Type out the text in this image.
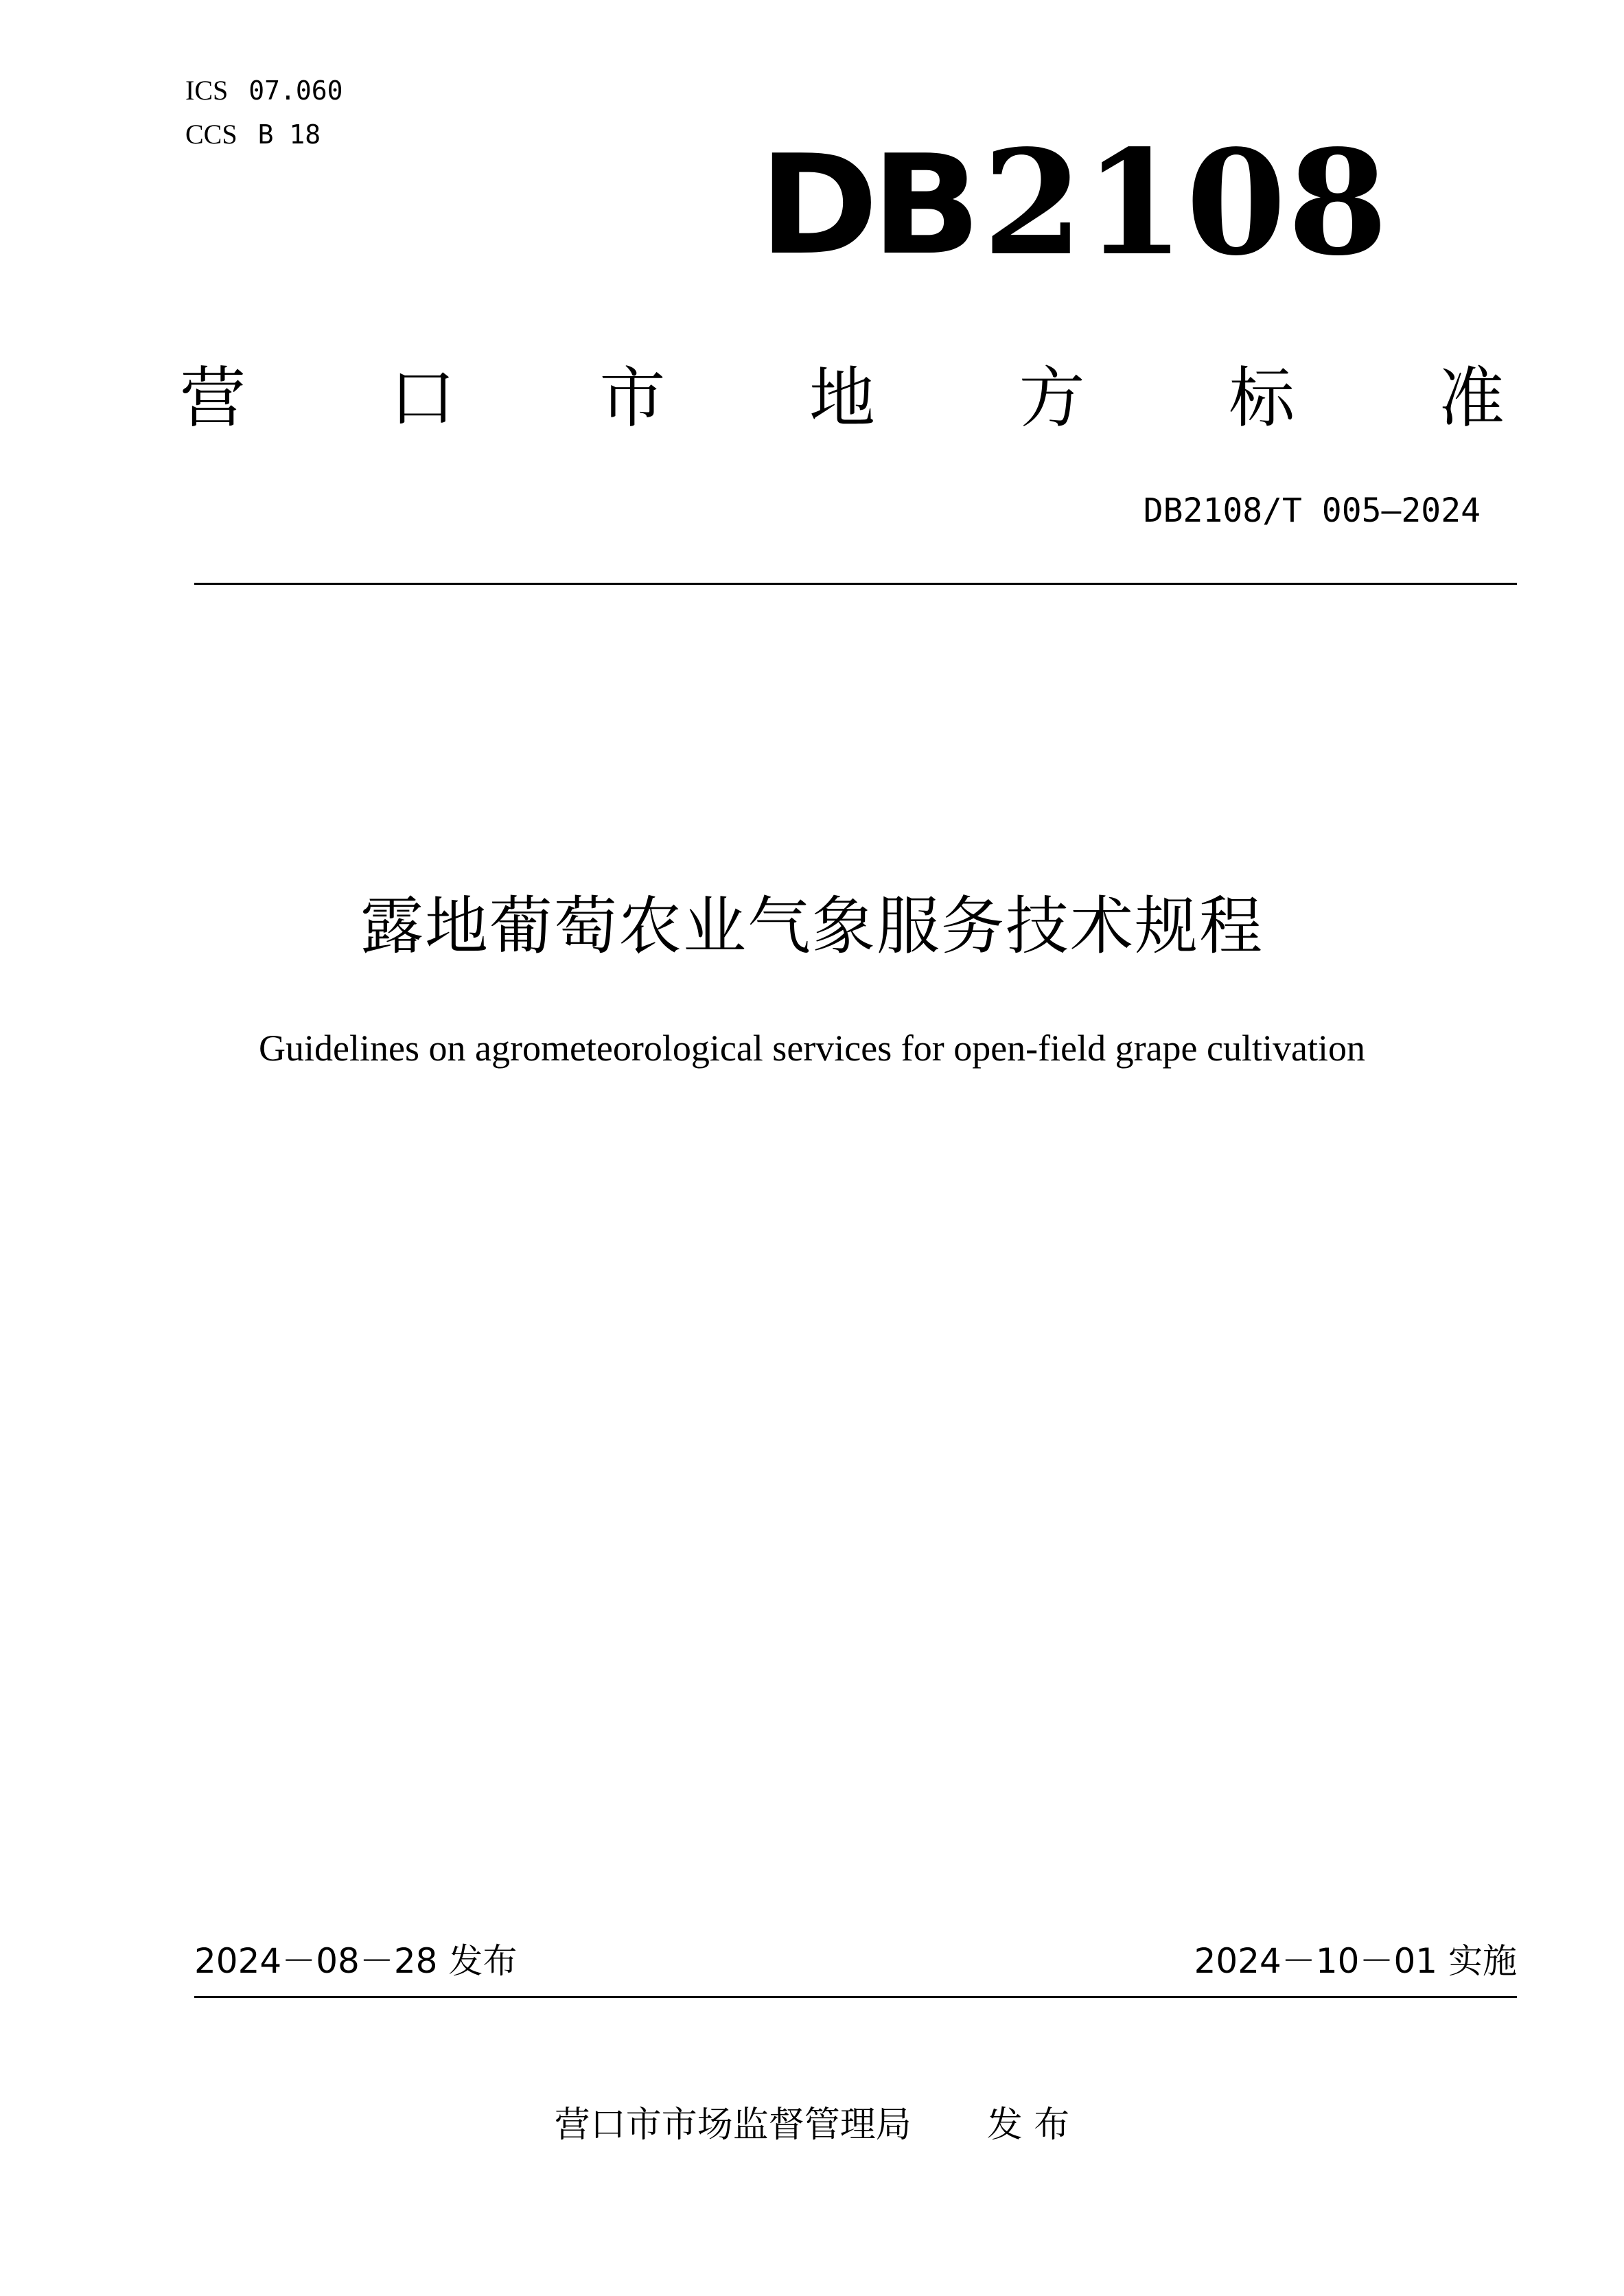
ICS 07.060
CCS B 18	DB 2108
营 口 市 地 方 标 准
DB2108/T 005—2024
露地葡萄农业气象服务技术规程
Guidelines on agrometeorological services for open-field grape cultivation
2024－08－28 发布	2024－10－01 实施
营口市市场监督管理局 发 布
